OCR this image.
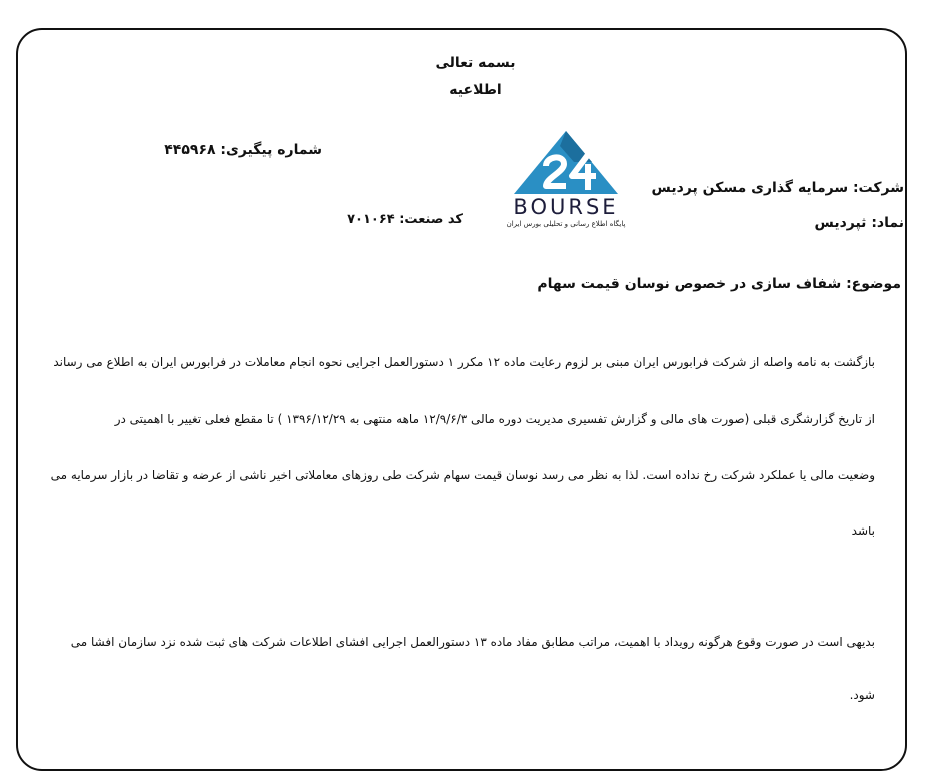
بسمه تعالی
اطلاعیه
شماره پیگیری: ۴۴۵۹۶۸
کد صنعت: ۷۰۱۰۶۴
BOURSE
پایگاه اطلاع رسانی و تحلیلی بورس ایران
شرکت: سرمایه گذاری مسکن پردیس
نماد: ثپردیس
موضوع: شفاف سازی در خصوص نوسان قیمت سهام
بازگشت به نامه واصله از شرکت فرابورس ایران مبنی بر لزوم رعایت ماده ۱۲ مکرر ۱ دستورالعمل اجرایی نحوه انجام معاملات در فرابورس ایران به اطلاع می رساند
از تاریخ گزارشگری قبلی (صورت های مالی و گزارش تفسیری مدیریت دوره مالی ۱۲/۹/۶/۳ ماهه منتهی به ۱۳۹۶/۱۲/۲۹ ) تا مقطع فعلی تغییر با اهمیتی در
وضعیت مالی یا عملکرد شرکت رخ نداده است. لذا به نظر می رسد نوسان قیمت سهام شرکت طی روزهای معاملاتی اخیر ناشی از عرضه و تقاضا در بازار سرمایه می
باشد
بدیهی است در صورت وقوع هرگونه رویداد با اهمیت، مراتب مطابق مفاد ماده ۱۳ دستورالعمل اجرایی افشای اطلاعات شرکت های ثبت شده نزد سازمان افشا می
شود.
